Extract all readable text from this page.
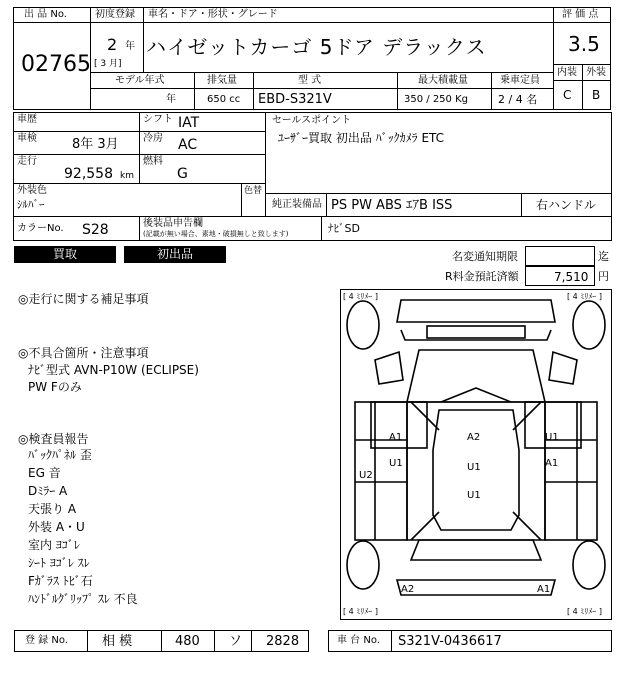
出 品 No.
02765
初度登録
2 年
[ 3 月]
車名・ドア・形状・グレード
ハイゼットカーゴ 5ドア デラックス
評 価 点
3.5
内装 外装
C B
モデル年式
年
排気量
650 cc
型 式
EBD-S321V
最大積載量
350 / 250 Kg
乗車定員
2 / 4 名
車歴	シフト IAT
車検	8年 3月 冷房 AC
走行
92,558 km
燃料
G
外装色
ｼﾙﾊﾞｰ
色替
カラーNo. S28	後装品申告欄
(記載が無い場合、素地・破損無しと致します)
セールスポイント
ﾕｰｻﾞｰ買取 初出品 ﾊﾞｯｸｶﾒﾗ ETC
純正装備品 PS PW ABS ｴｱB ISS	右ハンドル
ﾅﾋﾞSD
買取	初出品	名変通知期限	迄
R料金預託済額	7,510 円
◎走行に関する補足事項
◎不具合箇所・注意事項
ﾅﾋﾞ型式 AVN-P10W (ECLIPSE)
PW Fのみ
◎検査員報告
ﾊﾞｯｸﾊﾟﾈﾙ 歪
EG 音
Dﾐﾗｰ A
天張り A
外装 A・U
室内 ﾖｺﾞﾚ
ｼｰﾄ ﾖｺﾞﾚ ｽﾚ
Fｶﾞﾗｽ ﾄﾋﾞ石
ﾊﾝﾄﾞﾙｸﾞﾘｯﾌﾟ ｽﾚ 不良
[ 4 ﾐﾘﾒｰ ]	[ 4 ﾐﾘﾒｰ ]
[ 4 ﾐﾘﾒｰ ]	[ 4 ﾐﾘﾒｰ ]
A1
U1
A2
U1
U1
U1
A1
U2
A2	A1
登 録 No.	相 模	480 ソ 2828	車 台 No. S321V-0436617
